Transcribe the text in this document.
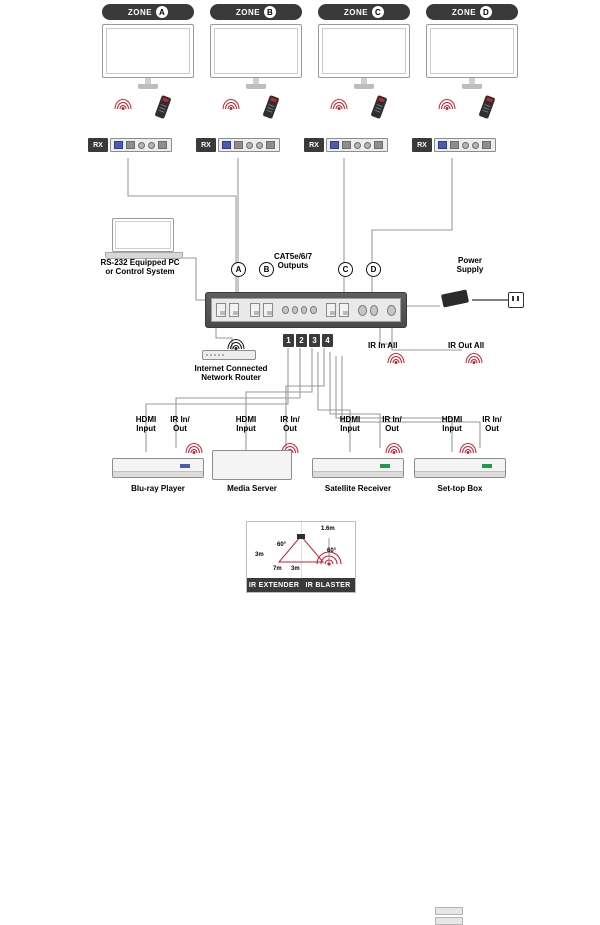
ZONE A
RX
ZONE B
RX
ZONE C
RX
ZONE D
RX
RS-232 Equipped PC
or Control System
CAT5e/6/7
Outputs
A	B	C	D
Power
Supply
1	2	3	4
IR In All	IR Out All
Internet Connected
Network Router
HDMI
Input
IR In/
Out
Blu-ray Player
HDMI
Input
IR In/
Out
Media Server
HDMI
Input
IR In/
Out
Satellite Receiver
HDMI
Input
IR In/
Out
Set-top Box
3m
3m
7m
60°
1.6m
60°
IR EXTENDER IR BLASTER
